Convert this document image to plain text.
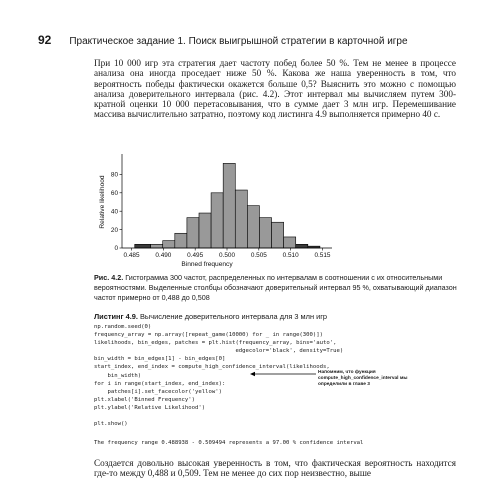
92 Практическое задание 1. Поиск выигрышной стратегии в карточной игре

При 10 000 игр эта стратегия дает частоту побед более 50 %. Тем не менее в процессе анализа она иногда проседает ниже 50 %. Какова же наша уверенность в том, что вероятность победы фактически окажется больше 0,5? Выяснить это можно с помощью анализа доверительного интервала (рис. 4.2). Этот интервал мы вычисляем путем 300-кратной оценки 10 000 перетасовывания, что в сумме дает 3 млн игр. Перемешивание массива вычислительно затратно, поэтому код листинга 4.9 выполняется примерно 40 с.

0.485 0.490 0.495 0.500 0.505 0.510 0.515
0
20
40
60
80
Binned frequency
Relative likelihood

Рис. 4.2. Гистограмма 300 частот, распределенных по интервалам в соотношении с их относительными вероятностями. Выделенные столбцы обозначают доверительный интервал 95 %, охватывающий диапазон частот примерно от 0,488 до 0,508

Листинг 4.9. Вычисление доверительного интервала для 3 млн игр

np.random.seed(0)
frequency_array = np.array([repeat_game(10000) for _ in range(300)])
likelihoods, bin_edges, patches = plt.hist(frequency_array, bins='auto',
edgecolor='black', density=True)
bin_width = bin_edges[1] - bin_edges[0]
start_index, end_index = compute_high_confidence_interval(likelihoods,
bin_width)
for i in range(start_index, end_index):
patches[i].set_facecolor('yellow')
plt.xlabel('Binned Frequency')
plt.ylabel('Relative Likelihood')

plt.show()
Напомним, что функция compute_high_confidence_interval мы определили в главе 3
The frequency range 0.488938 - 0.509494 represents a 97.00 % confidence interval

Создается довольно высокая уверенность в том, что фактическая вероятность находится где-то между 0,488 и 0,509. Тем не менее до сих пор неизвестно, выше
